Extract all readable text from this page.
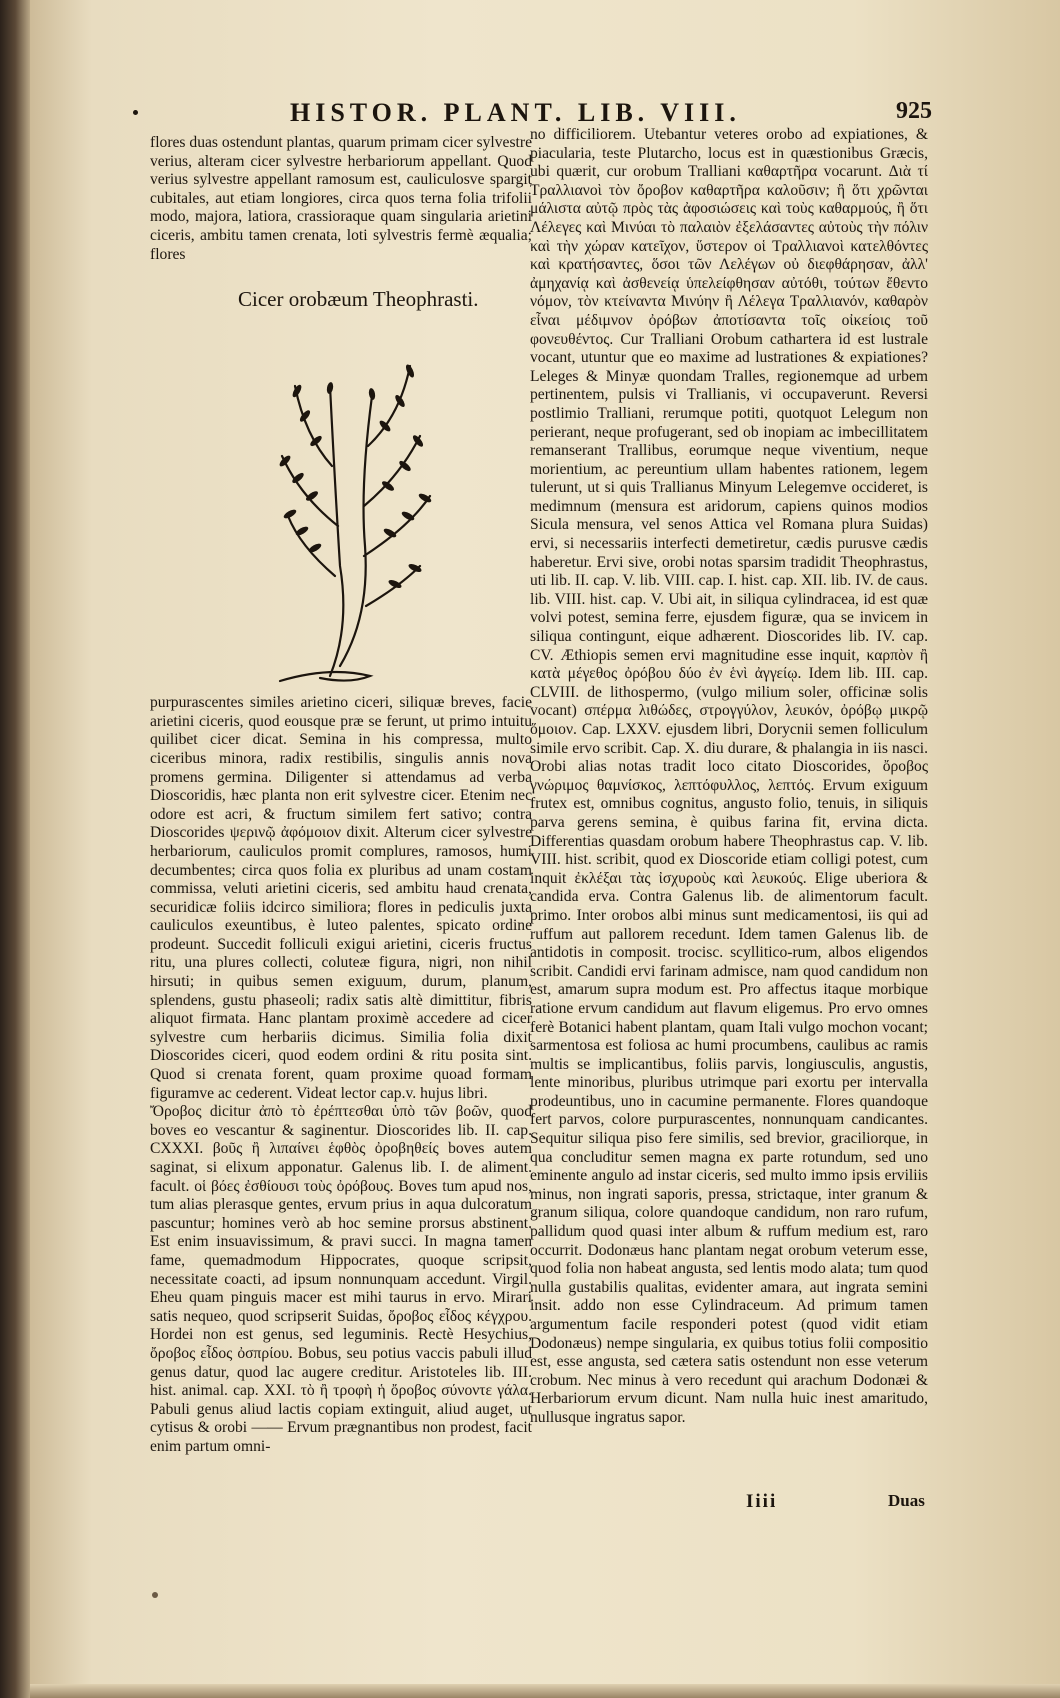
HISTOR. PLANT. LIB. VIII.	925

flores duas ostendunt plantas, quarum primam cicer sylvestre verius, alteram cicer sylvestre herbariorum appellant. Quod verius sylvestre appellant ramosum est, cauliculosve spargit cubitales, aut etiam longiores, circa quos terna folia trifolii modo, majora, latiora, crassioraque quam singularia arietini ciceris, ambitu tamen crenata, loti sylvestris fermè æqualia; flores

Cicer orobæum Theophrasti.

purpurascentes similes arietino ciceri, siliquæ breves, facie arietini ciceris, quod eousque præ se ferunt, ut primo intuitu quilibet cicer dicat. Semina in his compressa, multo ciceribus minora, radix restibilis, singulis annis nova promens germina. Diligenter si attendamus ad verba Dioscoridis, hæc planta non erit sylvestre cicer. Etenim nec odore est acri, & fructum similem fert sativo; contra Dioscorides ψερινῷ ἀφόμοιον dixit. Alterum cicer sylvestre herbariorum, cauliculos promit complures, ramosos, humi decumbentes; circa quos folia ex pluribus ad unam costam commissa, veluti arietini ciceris, sed ambitu haud crenata, securidicæ foliis idcirco similiora; flores in pediculis juxta cauliculos exeuntibus, è luteo palentes, spicato ordine prodeunt. Succedit folliculi exigui arietini, ciceris fructus ritu, una plures collecti, coluteæ figura, nigri, non nihil hirsuti; in quibus semen exiguum, durum, planum, splendens, gustu phaseoli; radix satis altè dimittitur, fibris aliquot firmata. Hanc plantam proximè accedere ad cicer sylvestre cum herbariis dicimus. Similia folia dixit Dioscorides ciceri, quod eodem ordini & ritu posita sint. Quod si crenata forent, quam proxime quoad formam figuramve ac cederent. Videat lector cap.v. hujus libri.

Ὄροβος dicitur ἀπὸ τὸ ἐρέπτεσθαι ὑπὸ τῶν βοῶν, quod boves eo vescantur & saginentur. Dioscorides lib. II. cap. CXXXI. βοῦς ἢ λιπαίνει ἑφθὸς ὀροβηθείς boves autem saginat, si elixum apponatur. Galenus lib. I. de aliment. facult. οἱ βόες ἐσθίουσι τοὺς ὀρόβους. Boves tum apud nos, tum alias plerasque gentes, ervum prius in aqua dulcoratum pascuntur; homines verò ab hoc semine prorsus abstinent. Est enim insuavissimum, & pravi succi. In magna tamen fame, quemadmodum Hippocrates, quoque scripsit, necessitate coacti, ad ipsum nonnunquam accedunt. Virgil. Eheu quam pinguis macer est mihi taurus in ervo. Mirari satis nequeo, quod scripserit Suidas, ὄροβος εἶδος κέγχρου. Hordei non est genus, sed leguminis. Rectè Hesychius, ὄροβος εἶδος ὀσπρίου. Bobus, seu potius vaccis pabuli illud genus datur, quod lac augere creditur. Aristoteles lib. III. hist. animal. cap. XXI. τὸ ἢ τροφὴ ἡ ὄροβος σύνοντε γάλα. Pabuli genus aliud lactis copiam extinguit, aliud auget, ut cytisus & orobi —— Ervum prægnantibus non prodest, facit enim partum omni-

no difficiliorem. Utebantur veteres orobo ad expiationes, & piacularia, teste Plutarcho, locus est in quæstionibus Græcis, ubi quærit, cur orobum Tralliani καθαρτῆρα vocarunt. Διὰ τί Τραλλιανοὶ τὸν ὄροβον καθαρτῆρα καλοῦσιν; ἢ ὅτι χρῶνται μάλιστα αὐτῷ πρὸς τὰς ἀφοσιώσεις καὶ τοὺς καθαρμούς, ἢ ὅτι Λέλεγες καὶ Μινύαι τὸ παλαιὸν ἐξελάσαντες αὐτοὺς τὴν πόλιν καὶ τὴν χώραν κατεῖχον, ὕστερον οἱ Τραλλιανοὶ κατελθόντες καὶ κρατήσαντες, ὅσοι τῶν Λελέγων οὐ διεφθάρησαν, ἀλλ' ἀμηχανίᾳ καὶ ἀσθενείᾳ ὑπελείφθησαν αὐτόθι, τούτων ἔθεντο νόμον, τὸν κτείναντα Μινύην ἢ Λέλεγα Τραλλιανόν, καθαρὸν εἶναι μέδιμνον ὀρόβων ἀποτίσαντα τοῖς οἰκείοις τοῦ φονευθέντος. Cur Tralliani Orobum cathartera id est lustrale vocant, utuntur que eo maxime ad lustrationes & expiationes? Leleges & Minyæ quondam Tralles, regionemque ad urbem pertinentem, pulsis vi Trallianis, vi occupaverunt. Reversi postlimio Tralliani, rerumque potiti, quotquot Lelegum non perierant, neque profugerant, sed ob inopiam ac imbecillitatem remanserant Trallibus, eorumque neque viventium, neque morientium, ac pereuntium ullam habentes rationem, legem tulerunt, ut si quis Trallianus Minyum Lelegemve occideret, is medimnum (mensura est aridorum, capiens quinos modios Sicula mensura, vel senos Attica vel Romana plura Suidas) ervi, si necessariis interfecti demetiretur, cædis purusve cædis haberetur. Ervi sive, orobi notas sparsim tradidit Theophrastus, uti lib. II. cap. V. lib. VIII. cap. I. hist. cap. XII. lib. IV. de caus. lib. VIII. hist. cap. V. Ubi ait, in siliqua cylindracea, id est quæ volvi potest, semina ferre, ejusdem figuræ, qua se invicem in siliqua contingunt, eique adhærent. Dioscorides lib. IV. cap. CV. Æthiopis semen ervi magnitudine esse inquit, καρπὸν ἢ κατὰ μέγεθος ὀρόβου δύο ἐν ἑνὶ ἀγγείῳ. Idem lib. III. cap. CLVIII. de lithospermo, (vulgo milium soler, officinæ solis vocant) σπέρμα λιθώδες, στρογγύλον, λευκόν, ὀρόβῳ μικρῷ ὅμοιον. Cap. LXXV. ejusdem libri, Dorycnii semen folliculum simile ervo scribit. Cap. X. diu durare, & phalangia in iis nasci. Orobi alias notas tradit loco citato Dioscorides, ὄροβος γνώριμος θαμνίσκος, λεπτόφυλλος, λεπτός. Ervum exiguum frutex est, omnibus cognitus, angusto folio, tenuis, in siliquis parva gerens semina, è quibus farina fit, ervina dicta. Differentias quasdam orobum habere Theophrastus cap. V. lib. VIII. hist. scribit, quod ex Dioscoride etiam colligi potest, cum inquit ἐκλέξαι τὰς ἰσχυροὺς καὶ λευκούς. Elige uberiora & candida erva. Contra Galenus lib. de alimentorum facult. primo. Inter orobos albi minus sunt medicamentosi, iis qui ad ruffum aut pallorem recedunt. Idem tamen Galenus lib. de antidotis in composit. trocisc. scyllitico-rum, albos eligendos scribit. Candidi ervi farinam admisce, nam quod candidum non est, amarum supra modum est. Pro affectus itaque morbique ratione ervum candidum aut flavum eligemus. Pro ervo omnes ferè Botanici habent plantam, quam Itali vulgo mochon vocant; sarmentosa est foliosa ac humi procumbens, caulibus ac ramis multis se implicantibus, foliis parvis, longiusculis, angustis, lente minoribus, pluribus utrimque pari exortu per intervalla prodeuntibus, uno in cacumine permanente. Flores quandoque fert parvos, colore purpurascentes, nonnunquam candicantes. Sequitur siliqua piso fere similis, sed brevior, graciliorque, in qua concluditur semen magna ex parte rotundum, sed uno eminente angulo ad instar ciceris, sed multo immo ipsis erviliis minus, non ingrati saporis, pressa, strictaque, inter granum & granum siliqua, colore quandoque candidum, non raro rufum, pallidum quod quasi inter album & ruffum medium est, raro occurrit. Dodonæus hanc plantam negat orobum veterum esse, quod folia non habeat angusta, sed lentis modo alata; tum quod nulla gustabilis qualitas, evidenter amara, aut ingrata semini insit. addo non esse Cylindraceum. Ad primum tamen argumentum facile responderi potest (quod vidit etiam Dodonæus) nempe singularia, ex quibus totius folii compositio est, esse angusta, sed cætera satis ostendunt non esse veterum crobum. Nec minus à vero recedunt qui arachum Dodonæi & Herbariorum ervum dicunt. Nam nulla huic inest amaritudo, nullusque ingratus sapor.

Iiii	Duas
